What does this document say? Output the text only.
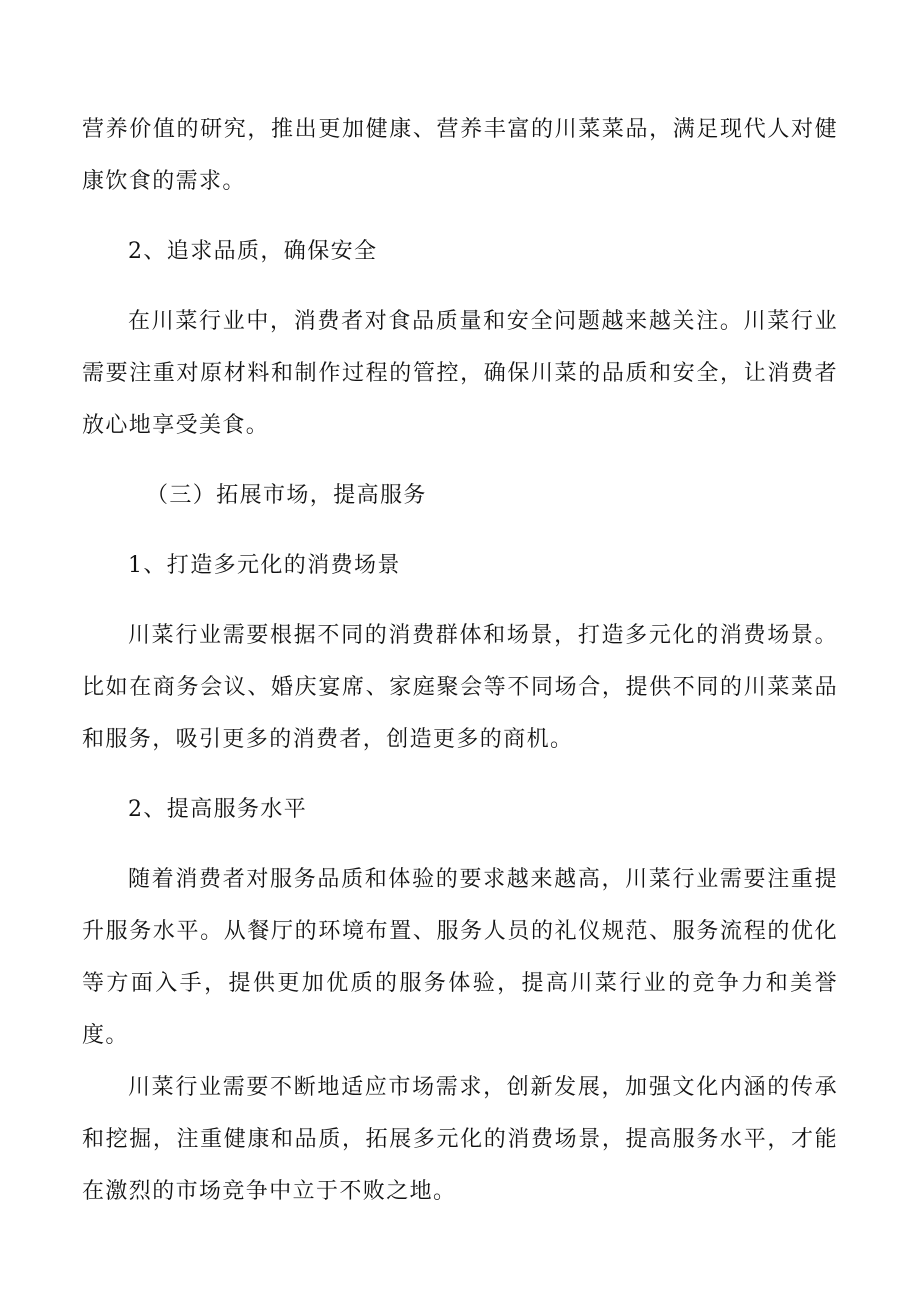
营养价值的研究，推出更加健康、营养丰富的川菜菜品，满足现代人对健康饮食的需求。

2、追求品质，确保安全

在川菜行业中，消费者对食品质量和安全问题越来越关注。川菜行业需要注重对原材料和制作过程的管控，确保川菜的品质和安全，让消费者放心地享受美食。

（三）拓展市场，提高服务

1、打造多元化的消费场景

川菜行业需要根据不同的消费群体和场景，打造多元化的消费场景。比如在商务会议、婚庆宴席、家庭聚会等不同场合，提供不同的川菜菜品和服务，吸引更多的消费者，创造更多的商机。

2、提高服务水平

随着消费者对服务品质和体验的要求越来越高，川菜行业需要注重提升服务水平。从餐厅的环境布置、服务人员的礼仪规范、服务流程的优化等方面入手，提供更加优质的服务体验，提高川菜行业的竞争力和美誉度。

川菜行业需要不断地适应市场需求，创新发展，加强文化内涵的传承和挖掘，注重健康和品质，拓展多元化的消费场景，提高服务水平，才能在激烈的市场竞争中立于不败之地。
